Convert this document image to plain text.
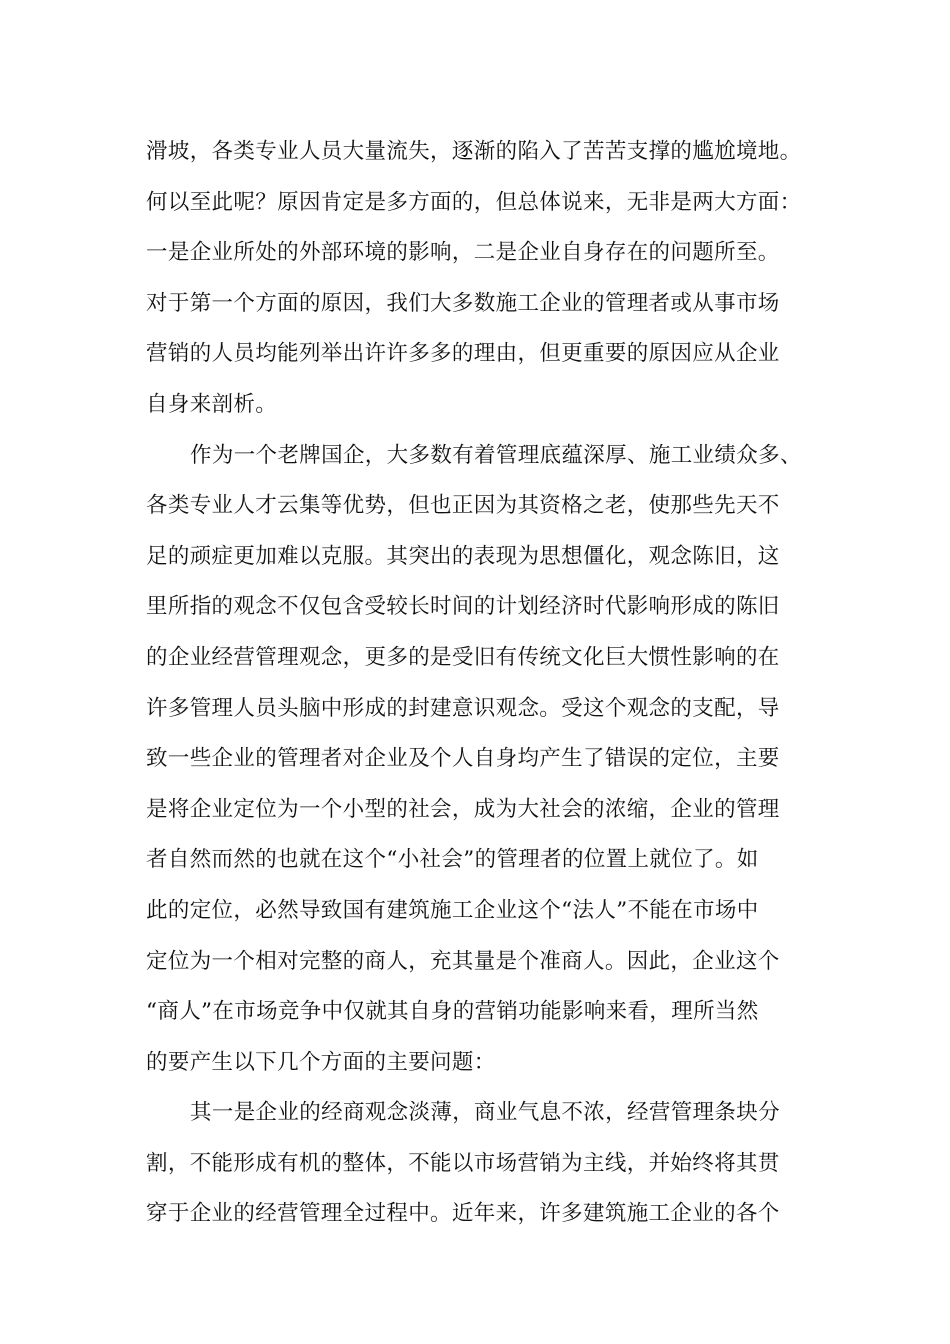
滑坡，各类专业人员大量流失，逐渐的陷入了苦苦支撑的尴尬境地。
何以至此呢？原因肯定是多方面的，但总体说来，无非是两大方面：
一是企业所处的外部环境的影响，二是企业自身存在的问题所至。
对于第一个方面的原因，我们大多数施工企业的管理者或从事市场
营销的人员均能列举出许许多多的理由，但更重要的原因应从企业
自身来剖析。
作为一个老牌国企，大多数有着管理底蕴深厚、施工业绩众多、
各类专业人才云集等优势，但也正因为其资格之老，使那些先天不
足的顽症更加难以克服。其突出的表现为思想僵化，观念陈旧，这
里所指的观念不仅包含受较长时间的计划经济时代影响形成的陈旧
的企业经营管理观念，更多的是受旧有传统文化巨大惯性影响的在
许多管理人员头脑中形成的封建意识观念。受这个观念的支配，导
致一些企业的管理者对企业及个人自身均产生了错误的定位，主要
是将企业定位为一个小型的社会，成为大社会的浓缩，企业的管理
者自然而然的也就在这个“小社会”的管理者的位置上就位了。如
此的定位，必然导致国有建筑施工企业这个“法人”不能在市场中
定位为一个相对完整的商人，充其量是个准商人。因此，企业这个
“商人”在市场竞争中仅就其自身的营销功能影响来看，理所当然
的要产生以下几个方面的主要问题：
其一是企业的经商观念淡薄，商业气息不浓，经营管理条块分
割，不能形成有机的整体，不能以市场营销为主线，并始终将其贯
穿于企业的经营管理全过程中。近年来，许多建筑施工企业的各个
